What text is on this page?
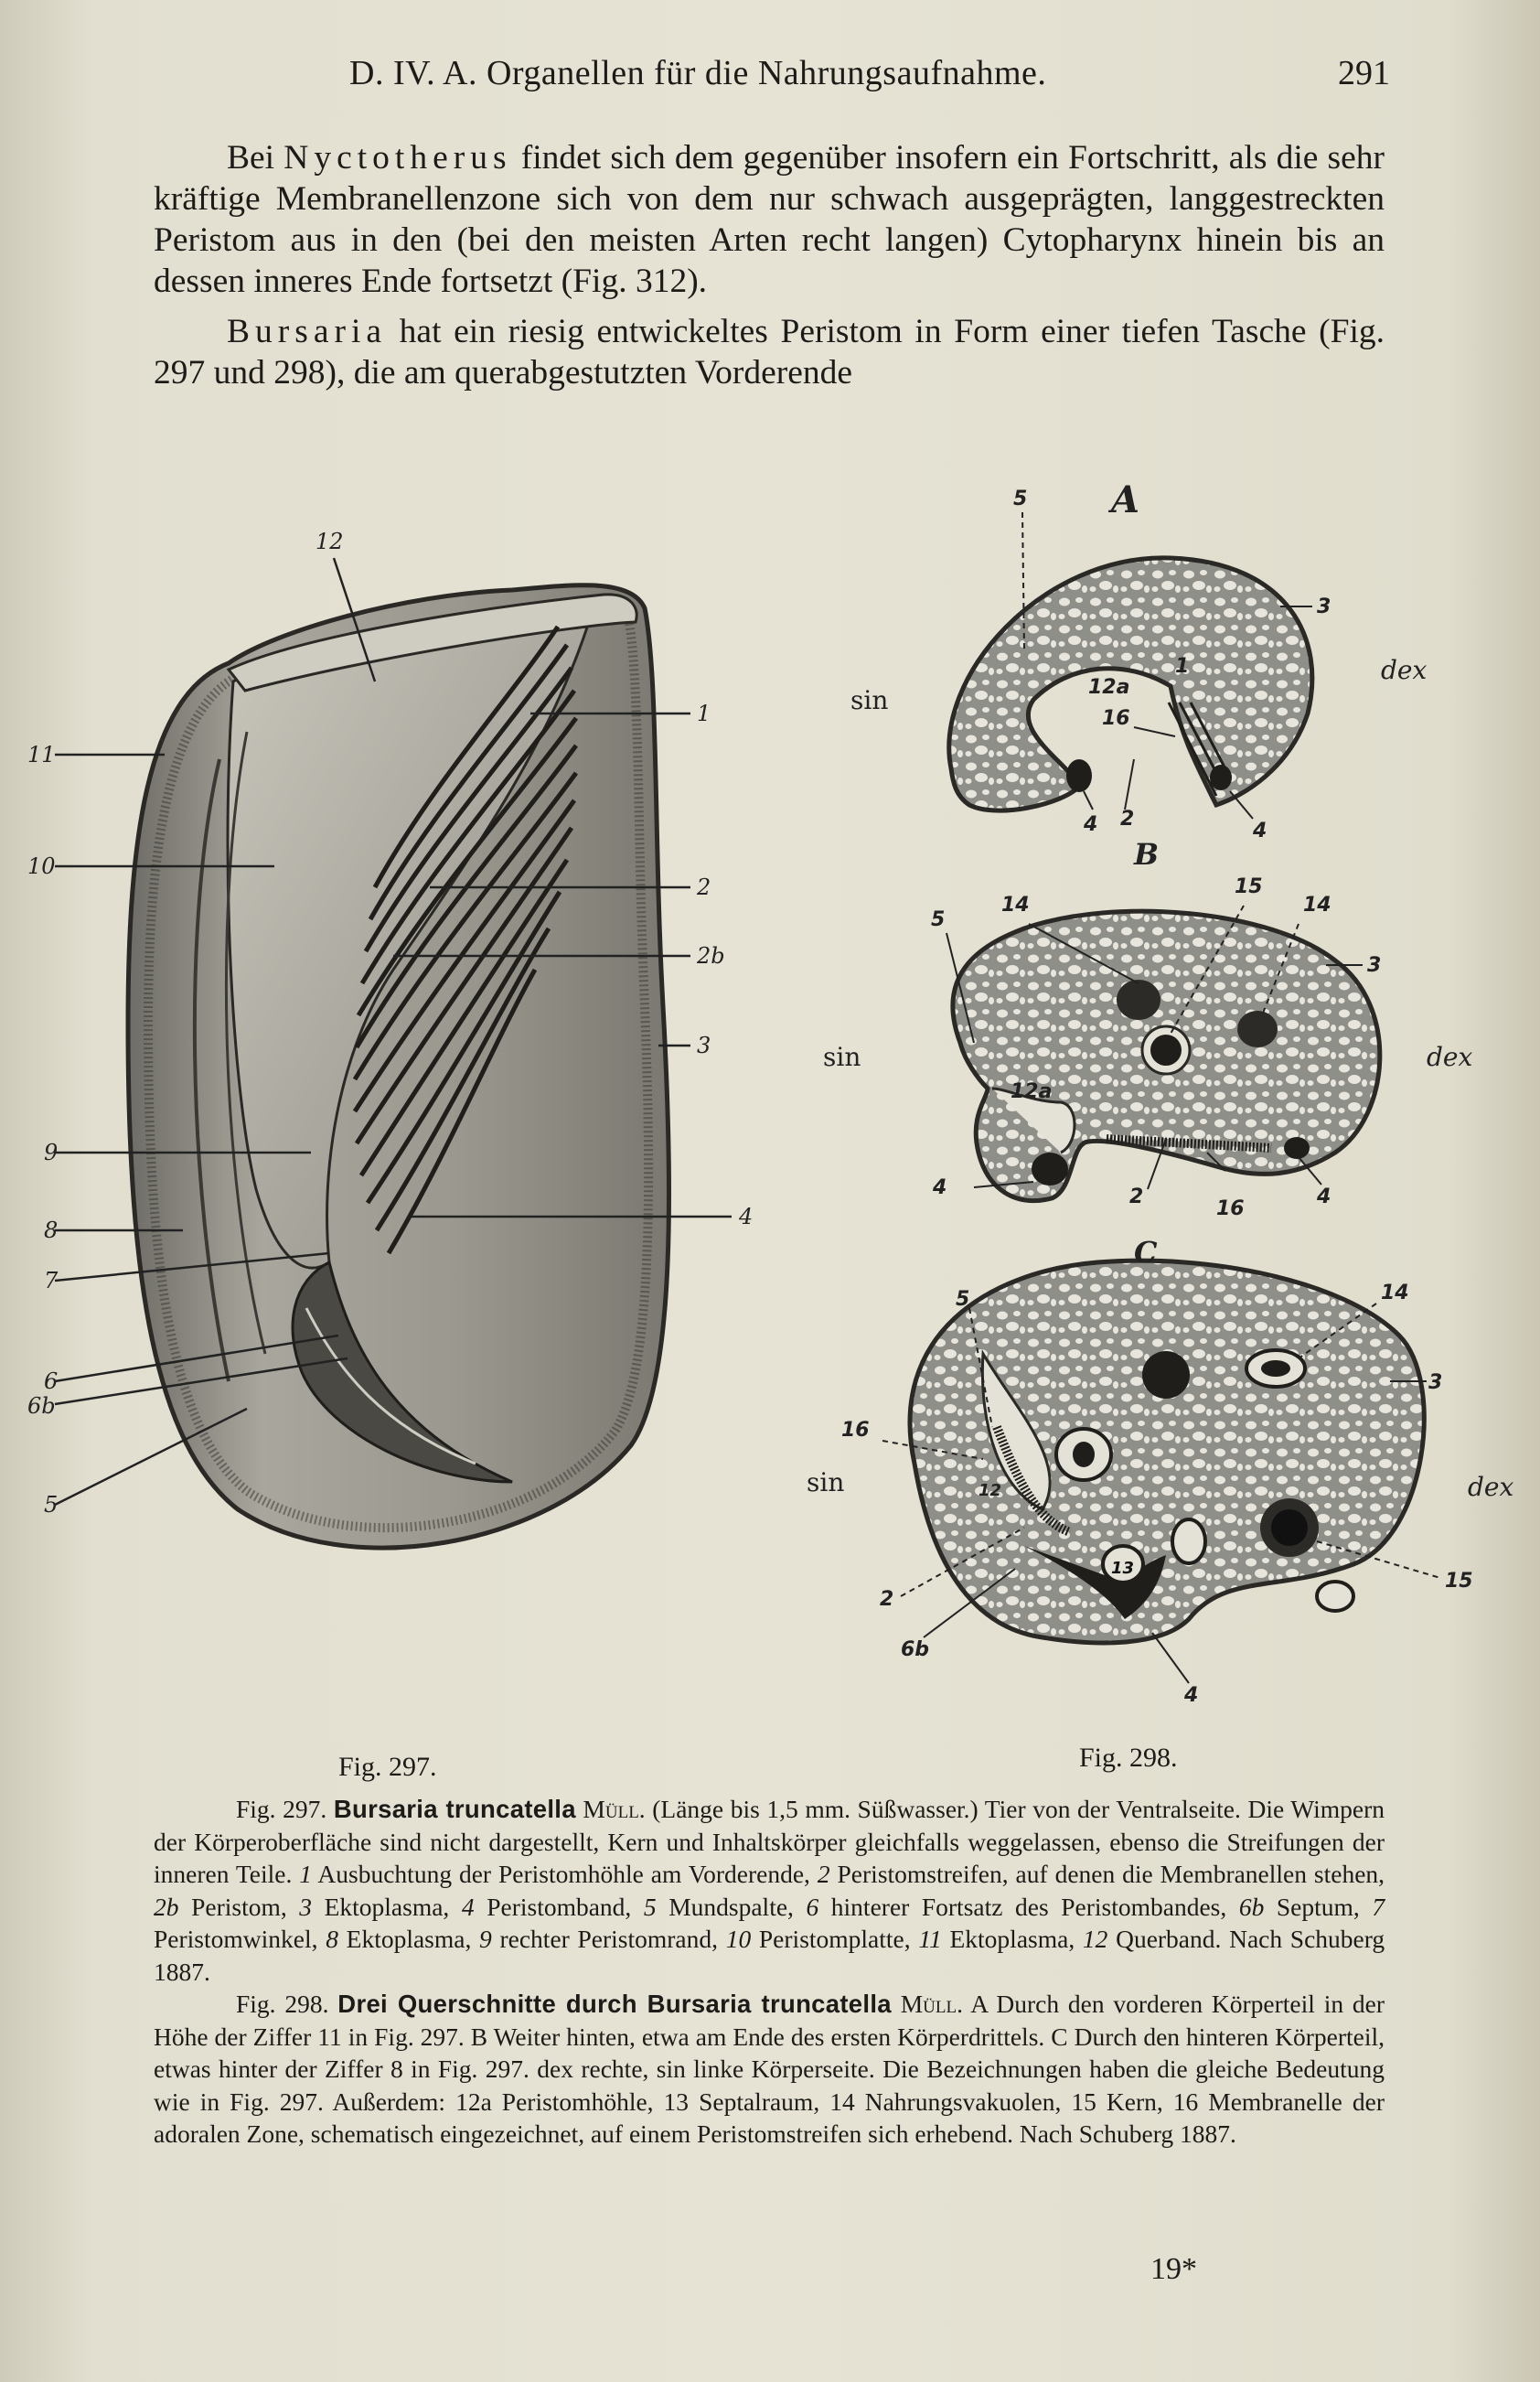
D. IV. A. Organellen für die Nahrungsaufnahme.	291

Bei Nyctotherus findet sich dem gegenüber insofern ein Fortschritt, als die sehr kräftige Membranellenzone sich von dem nur schwach ausgeprägten, langgestreckten Peristom aus in den (bei den meisten Arten recht langen) Cytopharynx hinein bis an dessen inneres Ende fortsetzt (Fig. 312).

Bursaria hat ein riesig entwickeltes Peristom in Form einer tiefen Tasche (Fig. 297 und 298), die am querabgestutzten Vorderende

12
1
11
10
2
2b
3
9
8
4
7
6
6b
5
A
5
3
12a
1
16
4 2
4
sin
dex
B
14
15
14
5
3
12a
4	2
16
4
sin	dex
C
5	14
16
3
12
13
15
2
6b
4
sin	dex
Fig. 297.	Fig. 298.

Fig. 297. Bursaria truncatella Müll. (Länge bis 1,5 mm. Süßwasser.) Tier von der Ventralseite. Die Wimpern der Körperoberfläche sind nicht dargestellt, Kern und Inhaltskörper gleichfalls weggelassen, ebenso die Streifungen der inneren Teile. 1 Ausbuchtung der Peristomhöhle am Vorderende, 2 Peristomstreifen, auf denen die Membranellen stehen, 2b Peristom, 3 Ektoplasma, 4 Peristomband, 5 Mundspalte, 6 hinterer Fortsatz des Peristombandes, 6b Septum, 7 Peristomwinkel, 8 Ektoplasma, 9 rechter Peristomrand, 10 Peristomplatte, 11 Ektoplasma, 12 Querband. Nach Schuberg 1887.

Fig. 298. Drei Querschnitte durch Bursaria truncatella Müll. A Durch den vorderen Körperteil in der Höhe der Ziffer 11 in Fig. 297. B Weiter hinten, etwa am Ende des ersten Körperdrittels. C Durch den hinteren Körperteil, etwas hinter der Ziffer 8 in Fig. 297. dex rechte, sin linke Körperseite. Die Bezeichnungen haben die gleiche Bedeutung wie in Fig. 297. Außerdem: 12a Peristomhöhle, 13 Septalraum, 14 Nahrungsvakuolen, 15 Kern, 16 Membranelle der adoralen Zone, schematisch eingezeichnet, auf einem Peristomstreifen sich erhebend. Nach Schuberg 1887.

19*
